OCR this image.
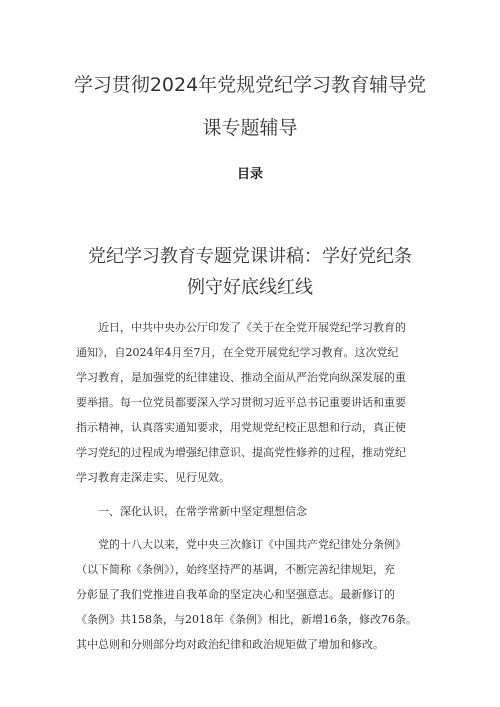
学习贯彻2024年党规党纪学习教育辅导党
课专题辅导
目录
党纪学习教育专题党课讲稿：学好党纪条
例守好底线红线
近日，中共中央办公厅印发了《关于在全党开展党纪学习教育的
通知》，自2024年4月至7月，在全党开展党纪学习教育。这次党纪
学习教育，是加强党的纪律建设、推动全面从严治党向纵深发展的重
要举措。每一位党员都要深入学习贯彻习近平总书记重要讲话和重要
指示精神，认真落实通知要求，用党规党纪校正思想和行动，真正使
学习党纪的过程成为增强纪律意识、提高党性修养的过程，推动党纪
学习教育走深走实、见行见效。
一、深化认识，在常学常新中坚定理想信念
党的十八大以来，党中央三次修订《中国共产党纪律处分条例》
（以下简称《条例》），始终坚持严的基调，不断完善纪律规矩，充
分彰显了我们党推进自我革命的坚定决心和坚强意志。最新修订的
《条例》共158条，与2018年《条例》相比，新增16条，修改76条。
其中总则和分则部分均对政治纪律和政治规矩做了增加和修改。
